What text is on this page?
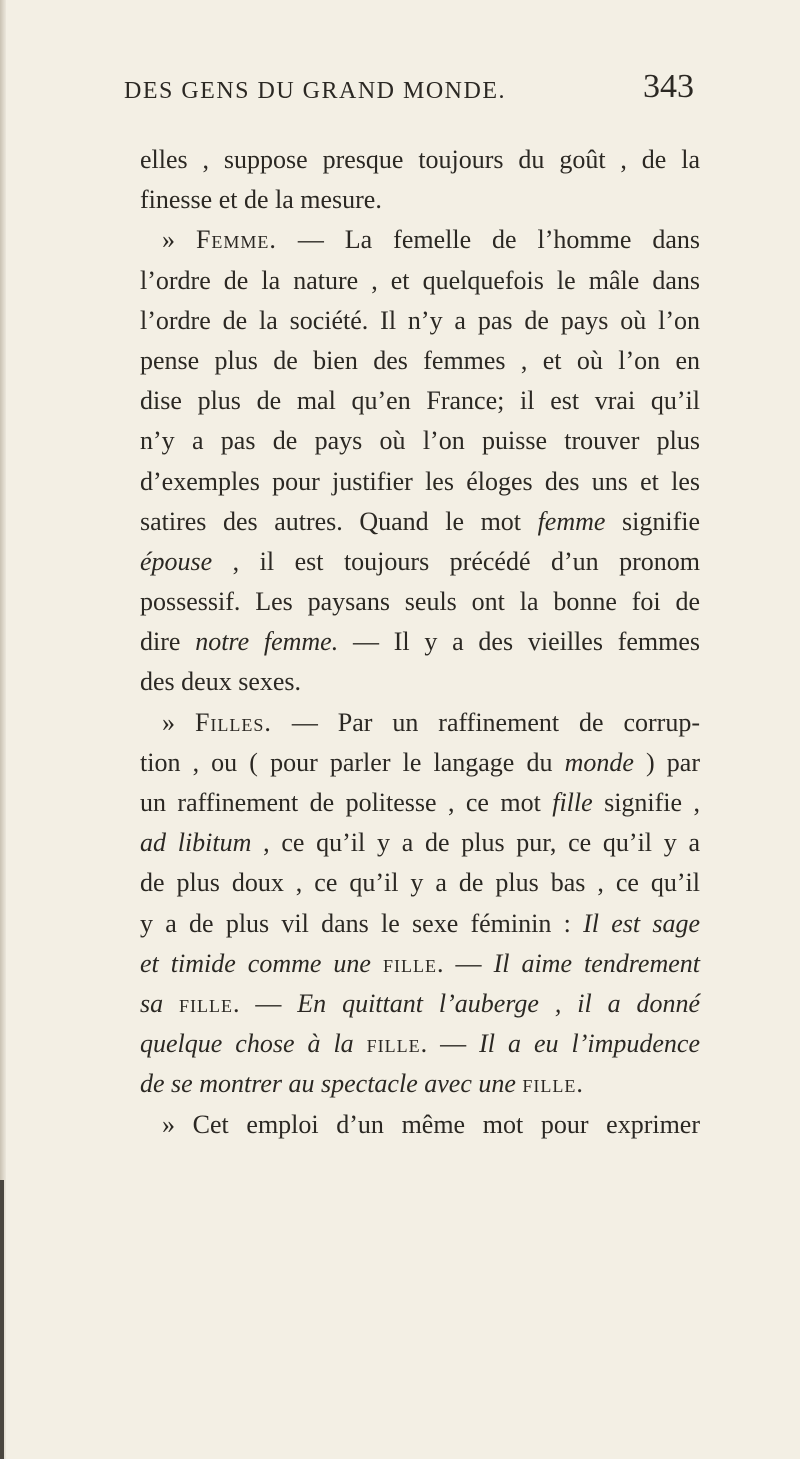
DES GENS DU GRAND MONDE.	343
elles , suppose presque toujours du goût , de la
finesse et de la mesure.
» Femme. — La femelle de l’homme dans
l’ordre de la nature , et quelquefois le mâle dans
l’ordre de la société. Il n’y a pas de pays où l’on
pense plus de bien des femmes , et où l’on en
dise plus de mal qu’en France; il est vrai qu’il
n’y a pas de pays où l’on puisse trouver plus
d’exemples pour justifier les éloges des uns et les
satires des autres. Quand le mot femme signifie
épouse , il est toujours précédé d’un pronom
possessif. Les paysans seuls ont la bonne foi de
dire notre femme. — Il y a des vieilles femmes
des deux sexes.
» Filles. — Par un raffinement de corrup-
tion , ou ( pour parler le langage du monde ) par
un raffinement de politesse , ce mot fille signifie ,
ad libitum , ce qu’il y a de plus pur, ce qu’il y a
de plus doux , ce qu’il y a de plus bas , ce qu’il
y a de plus vil dans le sexe féminin : Il est sage
et timide comme une fille. — Il aime tendrement
sa fille. — En quittant l’auberge , il a donné
quelque chose à la fille. — Il a eu l’impudence
de se montrer au spectacle avec une fille.
» Cet emploi d’un même mot pour exprimer
